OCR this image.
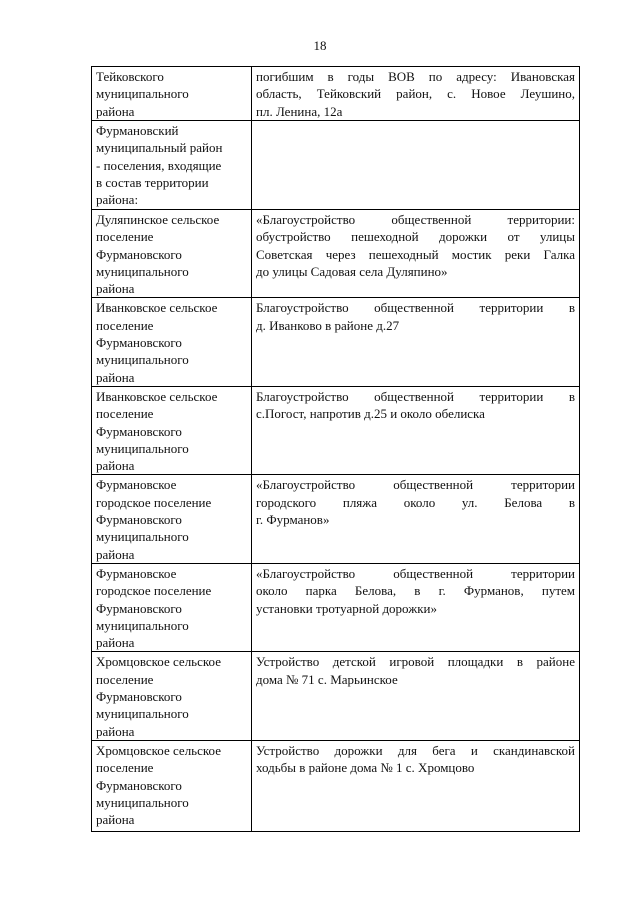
18
Тейковского
муниципального
района	погибшим в годы ВОВ по адресу: Ивановская
область, Тейковский район, с. Новое Леушино,
пл. Ленина, 12а

Фурмановский
муниципальный район
- поселения, входящие
в состав территории
района:	

Дуляпинское сельское
поселение
Фурмановского
муниципального
района	«Благоустройство общественной территории:
обустройство пешеходной дорожки от улицы
Советская через пешеходный мостик реки Галка
до улицы Садовая села Дуляпино»

Иванковское сельское
поселение
Фурмановского
муниципального
района	Благоустройство общественной территории в
д. Иванково в районе д.27

Иванковское сельское
поселение
Фурмановского
муниципального
района	Благоустройство общественной территории в
с.Погост, напротив д.25 и около обелиска

Фурмановское
городское поселение
Фурмановского
муниципального
района	«Благоустройство общественной территории
городского пляжа около ул. Белова в
г. Фурманов»

Фурмановское
городское поселение
Фурмановского
муниципального
района	«Благоустройство общественной территории
около парка Белова, в г. Фурманов, путем
установки тротуарной дорожки»

Хромцовское сельское
поселение
Фурмановского
муниципального
района	Устройство детской игровой площадки в районе
дома № 71 с. Марьинское

Хромцовское сельское
поселение
Фурмановского
муниципального
района	Устройство дорожки для бега и скандинавской
ходьбы в районе дома № 1 с. Хромцово
